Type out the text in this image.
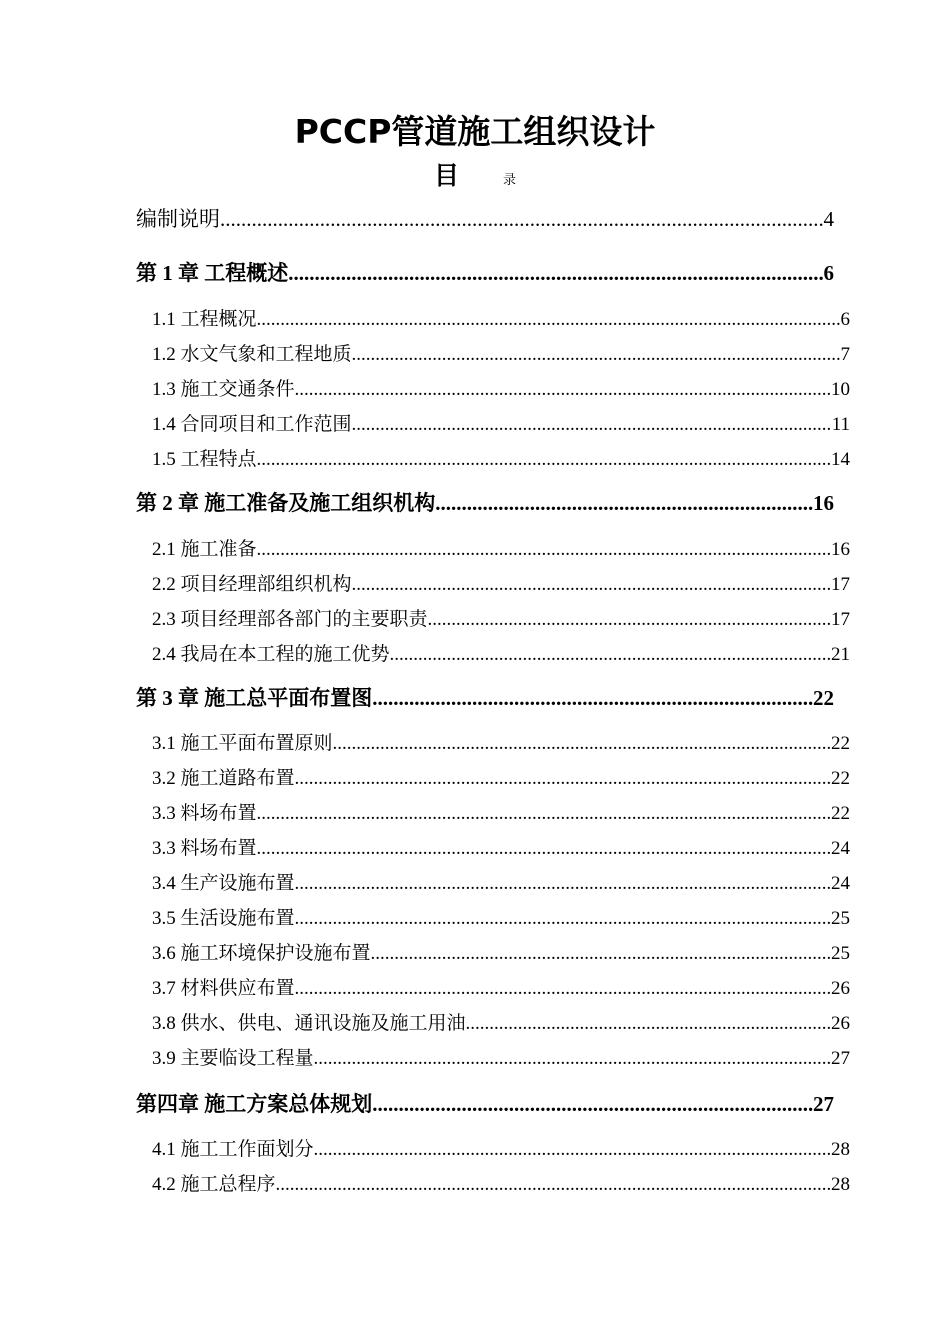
PCCP管道施工组织设计
目	录
编制说明 .....	4
第 1 章 工程概述 .....	6
1.1 工程概况 .....	6
1.2 水文气象和工程地质 .....	7
1.3 施工交通条件 .....	10
1.4 合同项目和工作范围 .....	11
1.5 工程特点 .....	14
第 2 章 施工准备及施工组织机构 .....	16
2.1 施工准备 .....	16
2.2 项目经理部组织机构 .....	17
2.3 项目经理部各部门的主要职责 .....	17
2.4 我局在本工程的施工优势 .....	21
第 3 章 施工总平面布置图 .....	22
3.1 施工平面布置原则 .....	22
3.2 施工道路布置 .....	22
3.3 料场布置 .....	22
3.3 料场布置 .....	24
3.4 生产设施布置 .....	24
3.5 生活设施布置 .....	25
3.6 施工环境保护设施布置 .....	25
3.7 材料供应布置 .....	26
3.8 供水、供电、通讯设施及施工用油 .....	26
3.9 主要临设工程量 .....	27
第四章 施工方案总体规划 .....	27
4.1 施工工作面划分 .....	28
4.2 施工总程序 .....	28
